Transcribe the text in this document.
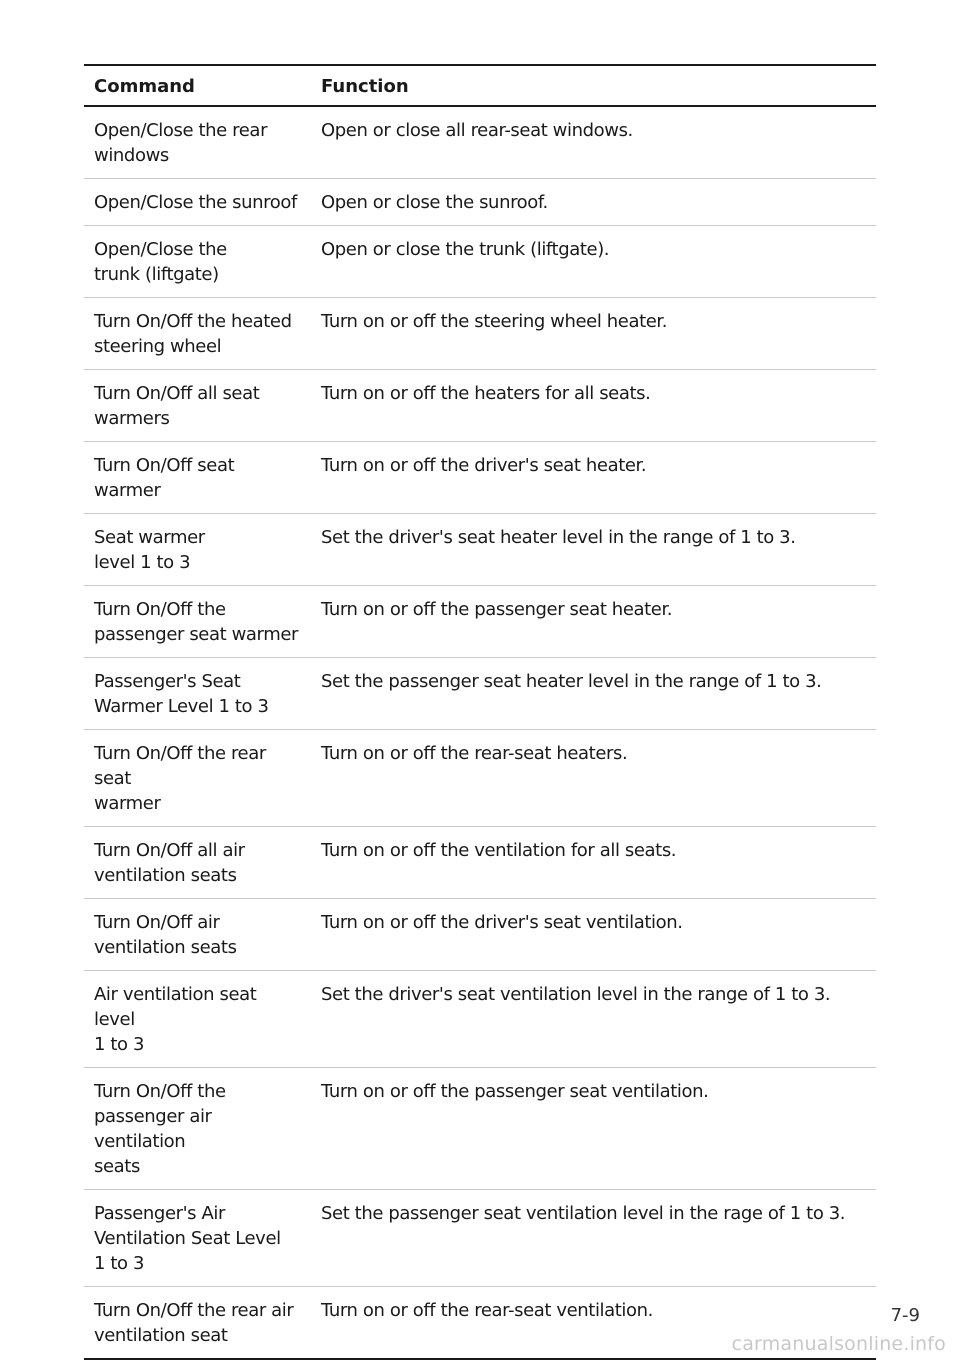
Command	Function
Open/Close the rear
windows	Open or close all rear-seat windows.
Open/Close the sunroof	Open or close the sunroof.
Open/Close the
trunk (liftgate)	Open or close the trunk (liftgate).
Turn On/Off the heated
steering wheel	Turn on or off the steering wheel heater.
Turn On/Off all seat
warmers	Turn on or off the heaters for all seats.
Turn On/Off seat warmer	Turn on or off the driver's seat heater.
Seat warmer
level 1 to 3	Set the driver's seat heater level in the range of 1 to 3.
Turn On/Off the
passenger seat warmer	Turn on or off the passenger seat heater.
Passenger's Seat
Warmer Level 1 to 3	Set the passenger seat heater level in the range of 1 to 3.
Turn On/Off the rear seat
warmer	Turn on or off the rear-seat heaters.
Turn On/Off all air
ventilation seats	Turn on or off the ventilation for all seats.
Turn On/Off air
ventilation seats	Turn on or off the driver's seat ventilation.
Air ventilation seat level
1 to 3	Set the driver's seat ventilation level in the range of 1 to 3.
Turn On/Off the
passenger air ventilation
seats	Turn on or off the passenger seat ventilation.
Passenger's Air
Ventilation Seat Level
1 to 3	Set the passenger seat ventilation level in the rage of 1 to 3.
Turn On/Off the rear air
ventilation seat	Turn on or off the rear-seat ventilation.	7-9
carmanualsonline.info
